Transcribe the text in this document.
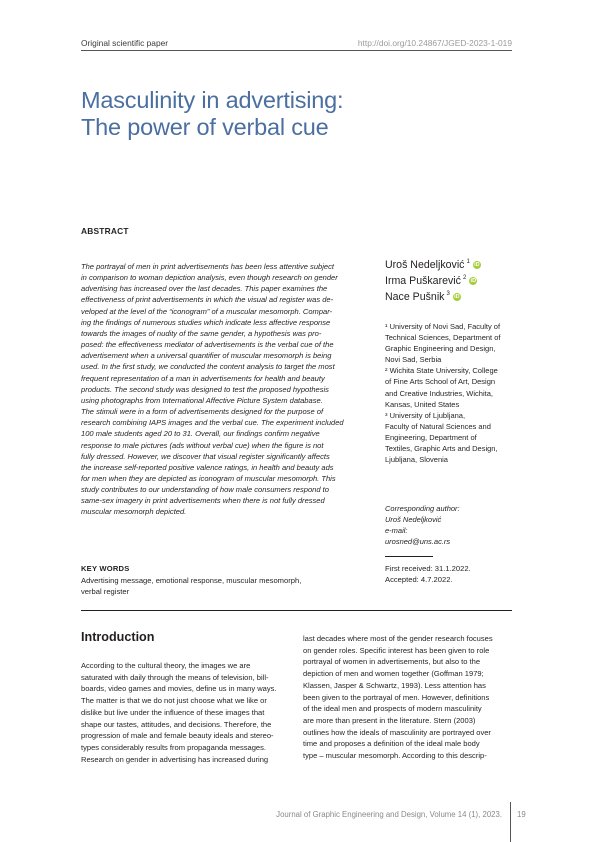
Original scientific paper	http://doi.org/10.24867/JGED-2023-1-019
Masculinity in advertising:
The power of verbal cue
ABSTRACT
The portrayal of men in print advertisements has been less attentive subject
in comparison to woman depiction analysis, even though research on gender
advertising has increased over the last decades. This paper examines the
effectiveness of print advertisements in which the visual ad register was de-
veloped at the level of the “iconogram” of a muscular mesomorph. Compar-
ing the findings of numerous studies which indicate less affective response
towards the images of nudity of the same gender, a hypothesis was pro-
posed: the effectiveness mediator of advertisements is the verbal cue of the
advertisement when a universal quantifier of muscular mesomorph is being
used. In the first study, we conducted the content analysis to target the most
frequent representation of a man in advertisements for health and beauty
products. The second study was designed to test the proposed hypothesis
using photographs from International Affective Picture System database.
The stimuli were in a form of advertisements designed for the purpose of
research combining IAPS images and the verbal cue. The experiment included
100 male students aged 20 to 31. Overall, our findings confirm negative
response to male pictures (ads without verbal cue) when the figure is not
fully dressed. However, we discover that visual register significantly affects
the increase self-reported positive valence ratings, in health and beauty ads
for men when they are depicted as iconogram of muscular mesomorph. This
study contributes to our understanding of how male consumers respond to
same-sex imagery in print advertisements when there is not fully dressed
muscular mesomorph depicted.
KEY WORDS
Advertising message, emotional response, muscular mesomorph,
verbal register
Uroš Nedeljković $^1$ iD
Irma Puškarević $^2$ iD
Nace Pušnik $^3$ iD
¹ University of Novi Sad, Faculty of
Technical Sciences, Department of
Graphic Engineering and Design,
Novi Sad, Serbia
² Wichita State University, College
of Fine Arts School of Art, Design
and Creative Industries, Wichita,
Kansas, United States
³ University of Ljubljana,
Faculty of Natural Sciences and
Engineering, Department of
Textiles, Graphic Arts and Design,
Ljubljana, Slovenia
Corresponding author:
Uroš Nedeljković
e-mail:
urosned@uns.ac.rs
First received: 31.1.2022.
Accepted: 4.7.2022.
Introduction
According to the cultural theory, the images we are
saturated with daily through the means of television, bill-
boards, video games and movies, define us in many ways.
The matter is that we do not just choose what we like or
dislike but live under the influence of these images that
shape our tastes, attitudes, and decisions. Therefore, the
progression of male and female beauty ideals and stereo-
types considerably results from propaganda messages.
Research on gender in advertising has increased during
last decades where most of the gender research focuses
on gender roles. Specific interest has been given to role
portrayal of women in advertisements, but also to the
depiction of men and women together (Goffman 1979;
Klassen, Jasper & Schwartz, 1993). Less attention has
been given to the portrayal of men. However, definitions
of the ideal men and prospects of modern masculinity
are more than present in the literature. Stern (2003)
outlines how the ideals of masculinity are portrayed over
time and proposes a definition of the ideal male body
type – muscular mesomorph. According to this descrip-
Journal of Graphic Engineering and Design, Volume 14 (1), 2023. 19
